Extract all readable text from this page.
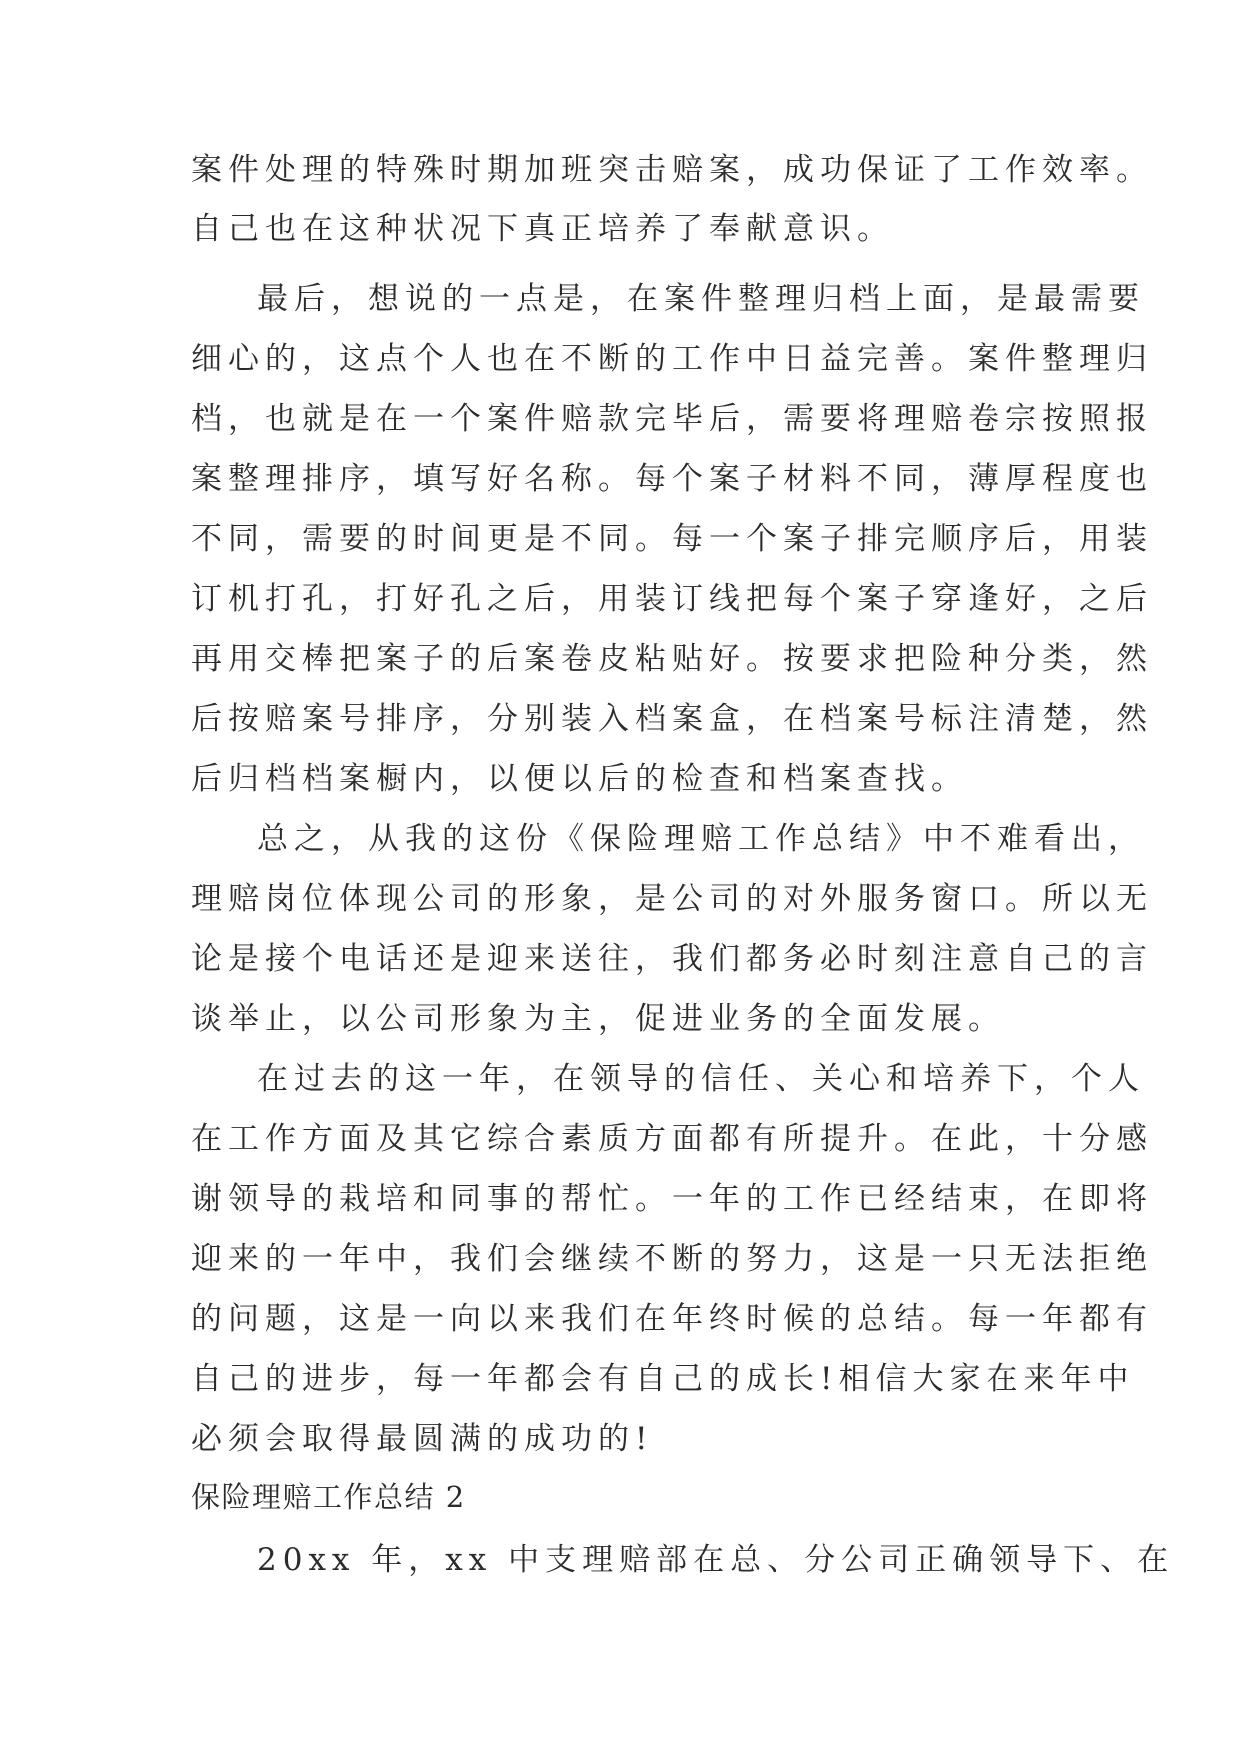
案件处理的特殊时期加班突击赔案，成功保证了工作效率。
自己也在这种状况下真正培养了奉献意识。
最后，想说的一点是，在案件整理归档上面，是最需要
细心的，这点个人也在不断的工作中日益完善。案件整理归
档，也就是在一个案件赔款完毕后，需要将理赔卷宗按照报
案整理排序，填写好名称。每个案子材料不同，薄厚程度也
不同，需要的时间更是不同。每一个案子排完顺序后，用装
订机打孔，打好孔之后，用装订线把每个案子穿逢好，之后
再用交棒把案子的后案卷皮粘贴好。按要求把险种分类，然
后按赔案号排序，分别装入档案盒，在档案号标注清楚，然
后归档档案橱内，以便以后的检查和档案查找。
总之，从我的这份《保险理赔工作总结》中不难看出，
理赔岗位体现公司的形象，是公司的对外服务窗口。所以无
论是接个电话还是迎来送往，我们都务必时刻注意自己的言
谈举止，以公司形象为主，促进业务的全面发展。
在过去的这一年，在领导的信任、关心和培养下，个人
在工作方面及其它综合素质方面都有所提升。在此，十分感
谢领导的栽培和同事的帮忙。一年的工作已经结束，在即将
迎来的一年中，我们会继续不断的努力，这是一只无法拒绝
的问题，这是一向以来我们在年终时候的总结。每一年都有
自己的进步，每一年都会有自己的成长!相信大家在来年中
必须会取得最圆满的成功的!
保险理赔工作总结 2
20xx 年，xx 中支理赔部在总、分公司正确领导下、在
